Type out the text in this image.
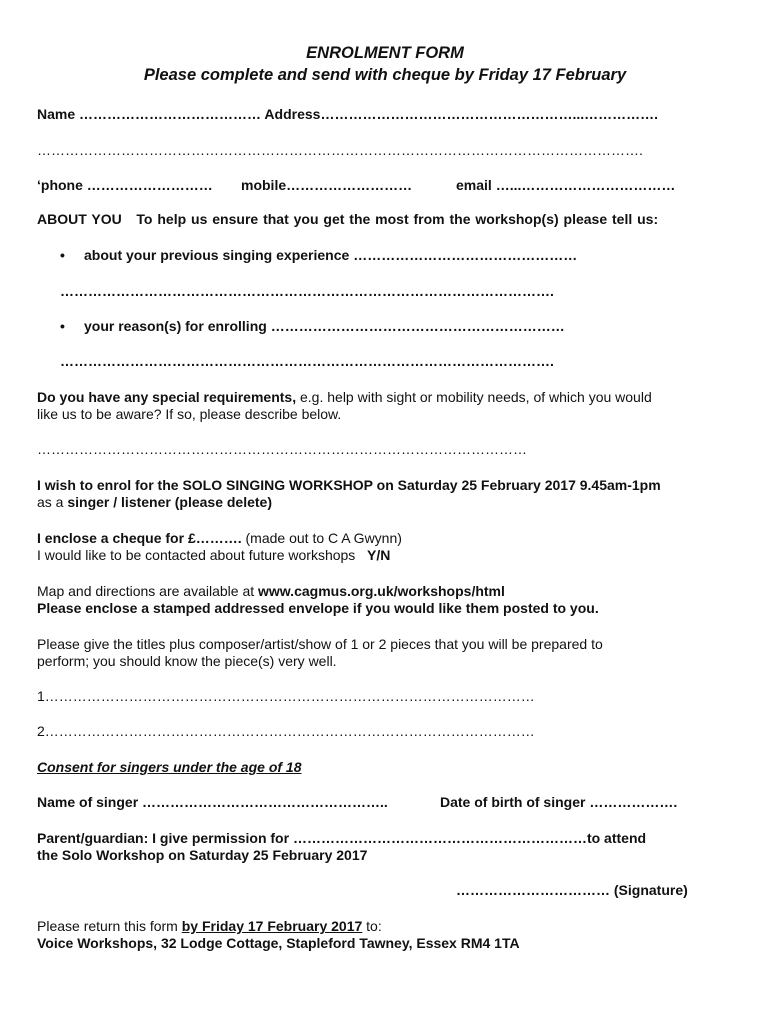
ENROLMENT FORM
Please complete and send with cheque by Friday 17 February
Name ………………………………… Address………………………………………………...…………….
………………………………………………………………………………………………………………….
‘phone ……………………… mobile………………………	email …...……………………………
ABOUT YOU To help us ensure that you get the most from the workshop(s) please tell us:
• about your previous singing experience …………………………………………
…………………………………………………………………………………………….
• your reason(s) for enrolling ………………………………………………………
…………………………………………………………………………………………….
Do you have any special requirements, e.g. help with sight or mobility needs, of which you would
like us to be aware? If so, please describe below.
……………………………………………………………………………………………
I wish to enrol for the SOLO SINGING WORKSHOP on Saturday 25 February 2017 9.45am-1pm
as a singer / listener (please delete)
I enclose a cheque for £………. (made out to C A Gwynn)
I would like to be contacted about future workshops Y/N
Map and directions are available at www.cagmus.org.uk/workshops/html
Please enclose a stamped addressed envelope if you would like them posted to you.
Please give the titles plus composer/artist/show of 1 or 2 pieces that you will be prepared to
perform; you should know the piece(s) very well.
1……………………………………………………………………………………………
2……………………………………………………………………………………………
Consent for singers under the age of 18
Name of singer ……………………………………………..	Date of birth of singer ……………….
Parent/guardian: I give permission for ………………………………………………………to attend
the Solo Workshop on Saturday 25 February 2017
…………………………… (Signature)
Please return this form by Friday 17 February 2017 to:
Voice Workshops, 32 Lodge Cottage, Stapleford Tawney, Essex RM4 1TA
